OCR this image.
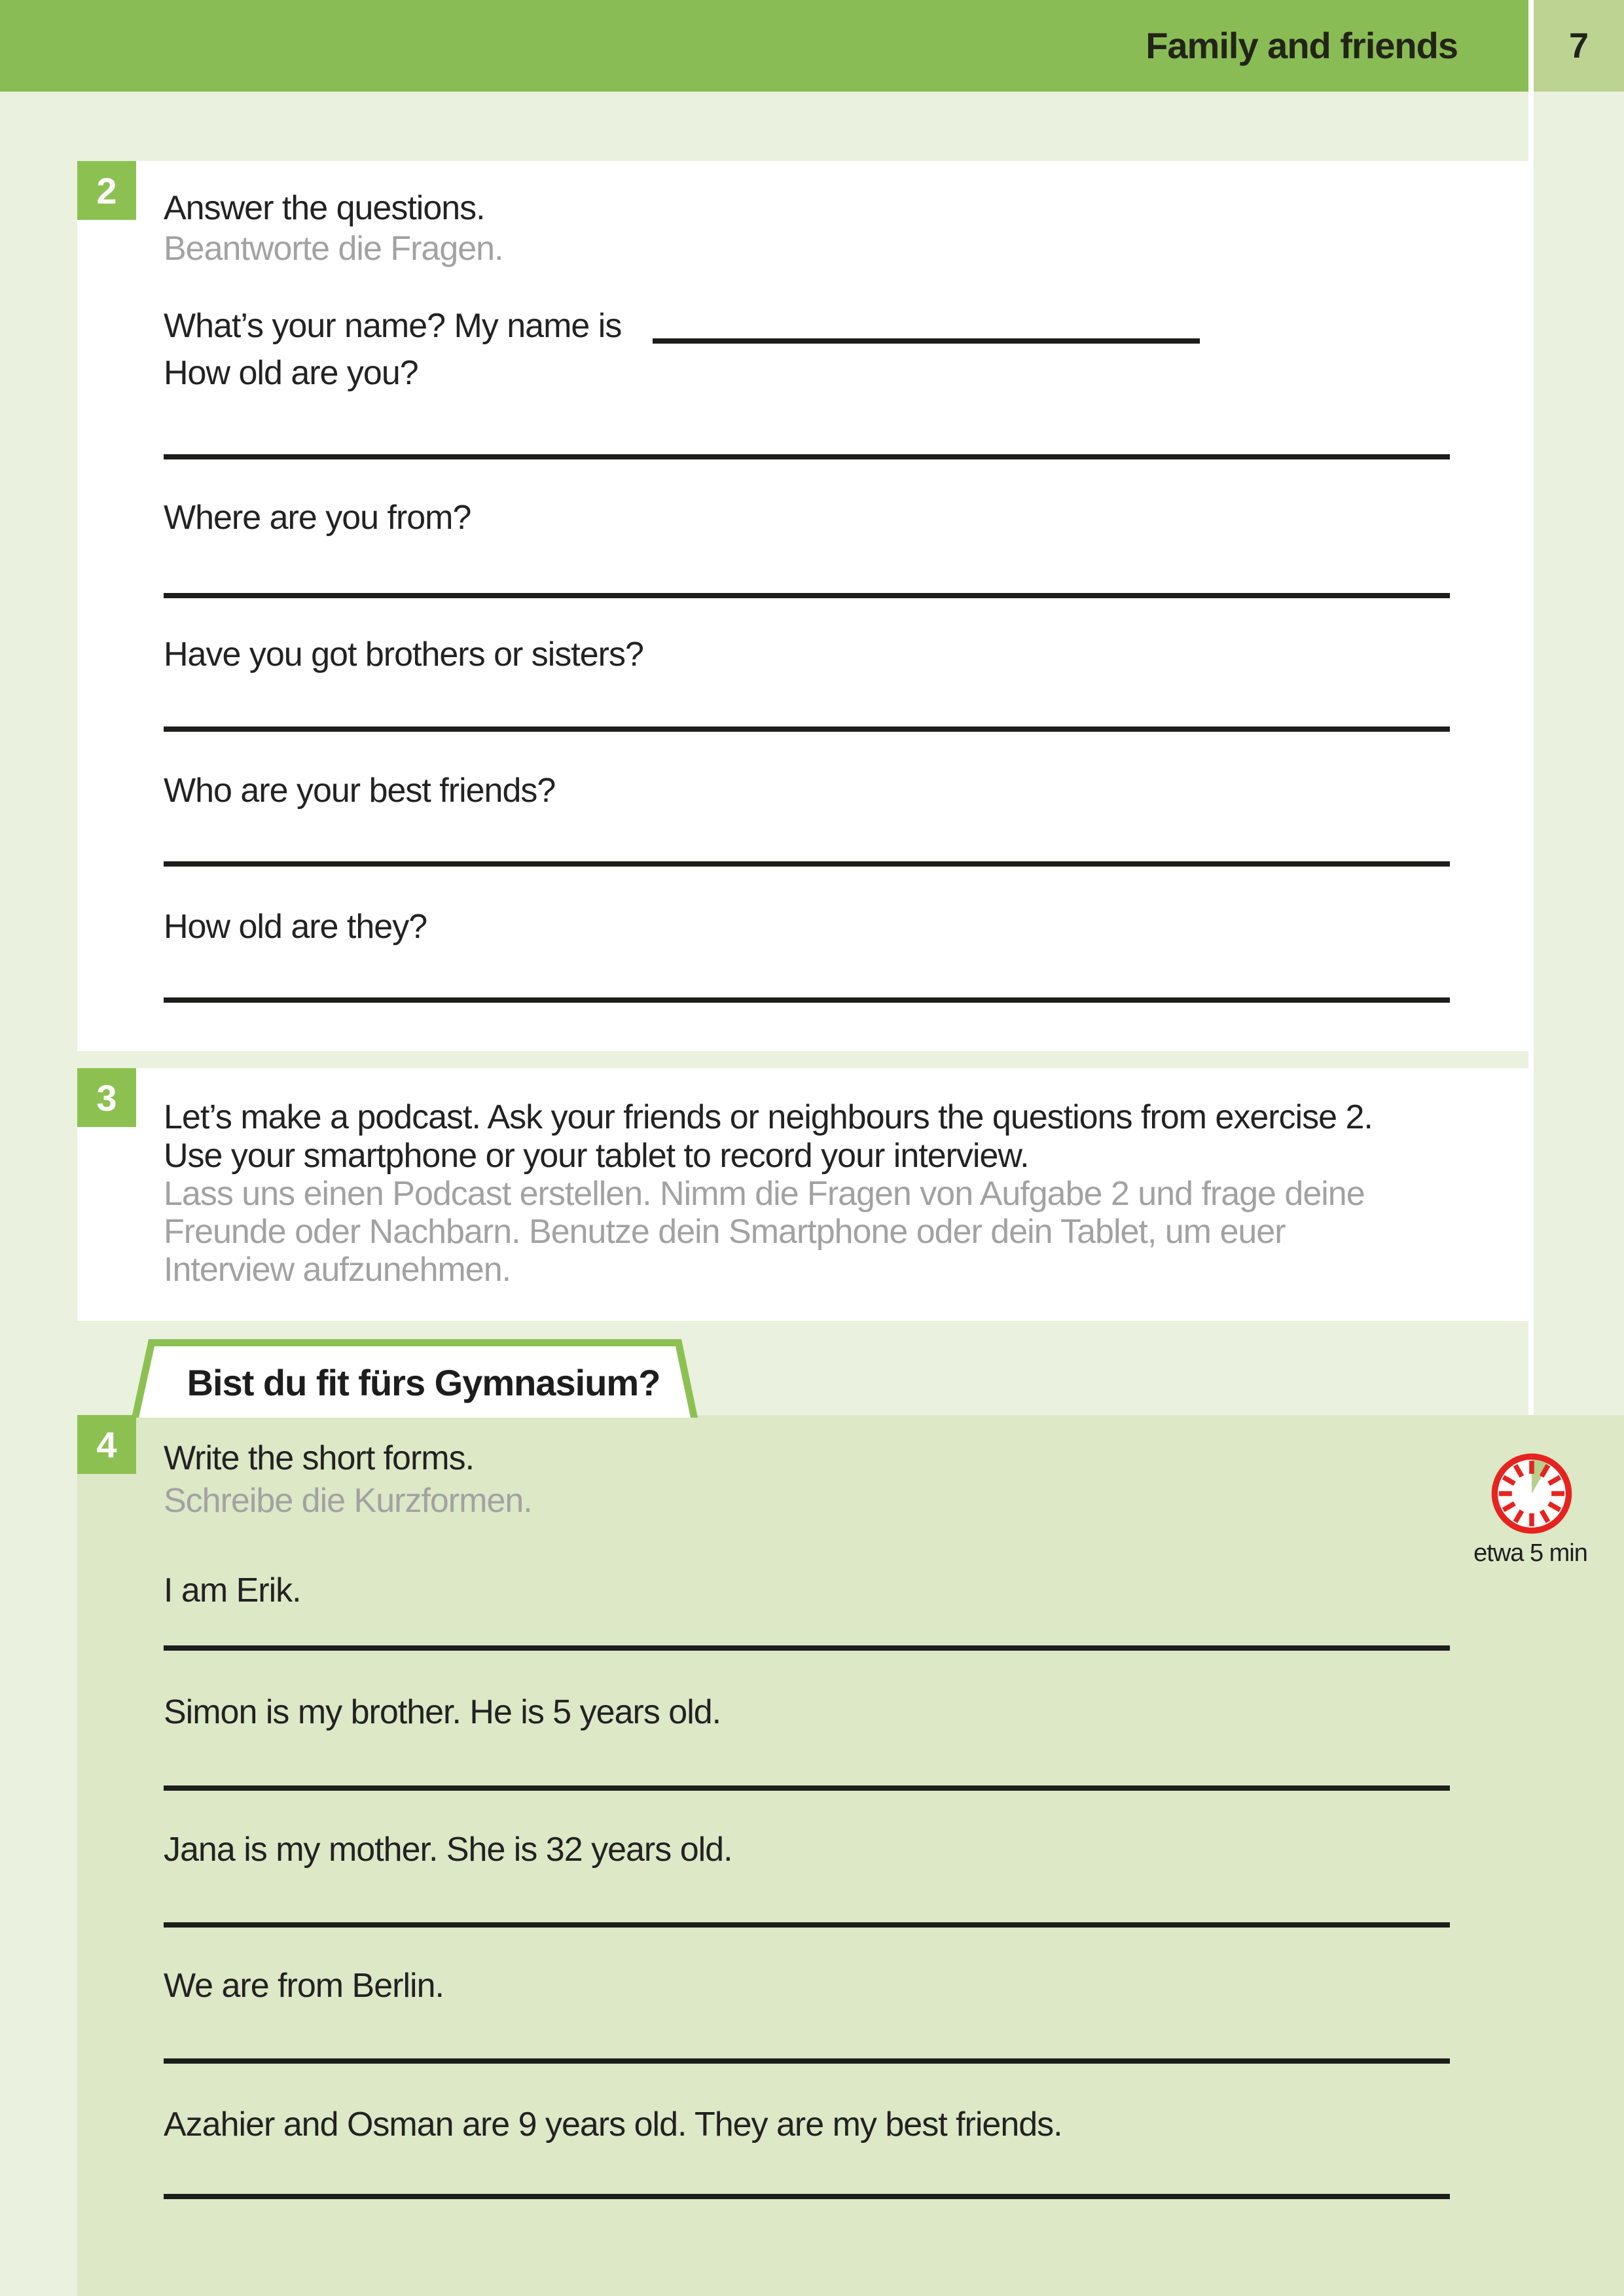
Family and friends	7
2 Answer the questions.
Beantworte die Fragen.
What’s your name? My name is
How old are you?
Where are you from?
Have you got brothers or sisters?
Who are your best friends?
How old are they?
3 Let’s make a podcast. Ask your friends or neighbours the questions from exercise 2.
Use your smartphone or your tablet to record your interview.
Lass uns einen Podcast erstellen. Nimm die Fragen von Aufgabe 2 und frage deine
Freunde oder Nachbarn. Benutze dein Smartphone oder dein Tablet, um euer
Interview aufzunehmen.
Bist du fit fürs Gymnasium?
4 Write the short forms.
Schreibe die Kurzformen.
etwa 5 min
I am Erik.
Simon is my brother. He is 5 years old.
Jana is my mother. She is 32 years old.
We are from Berlin.
Azahier and Osman are 9 years old. They are my best friends.
